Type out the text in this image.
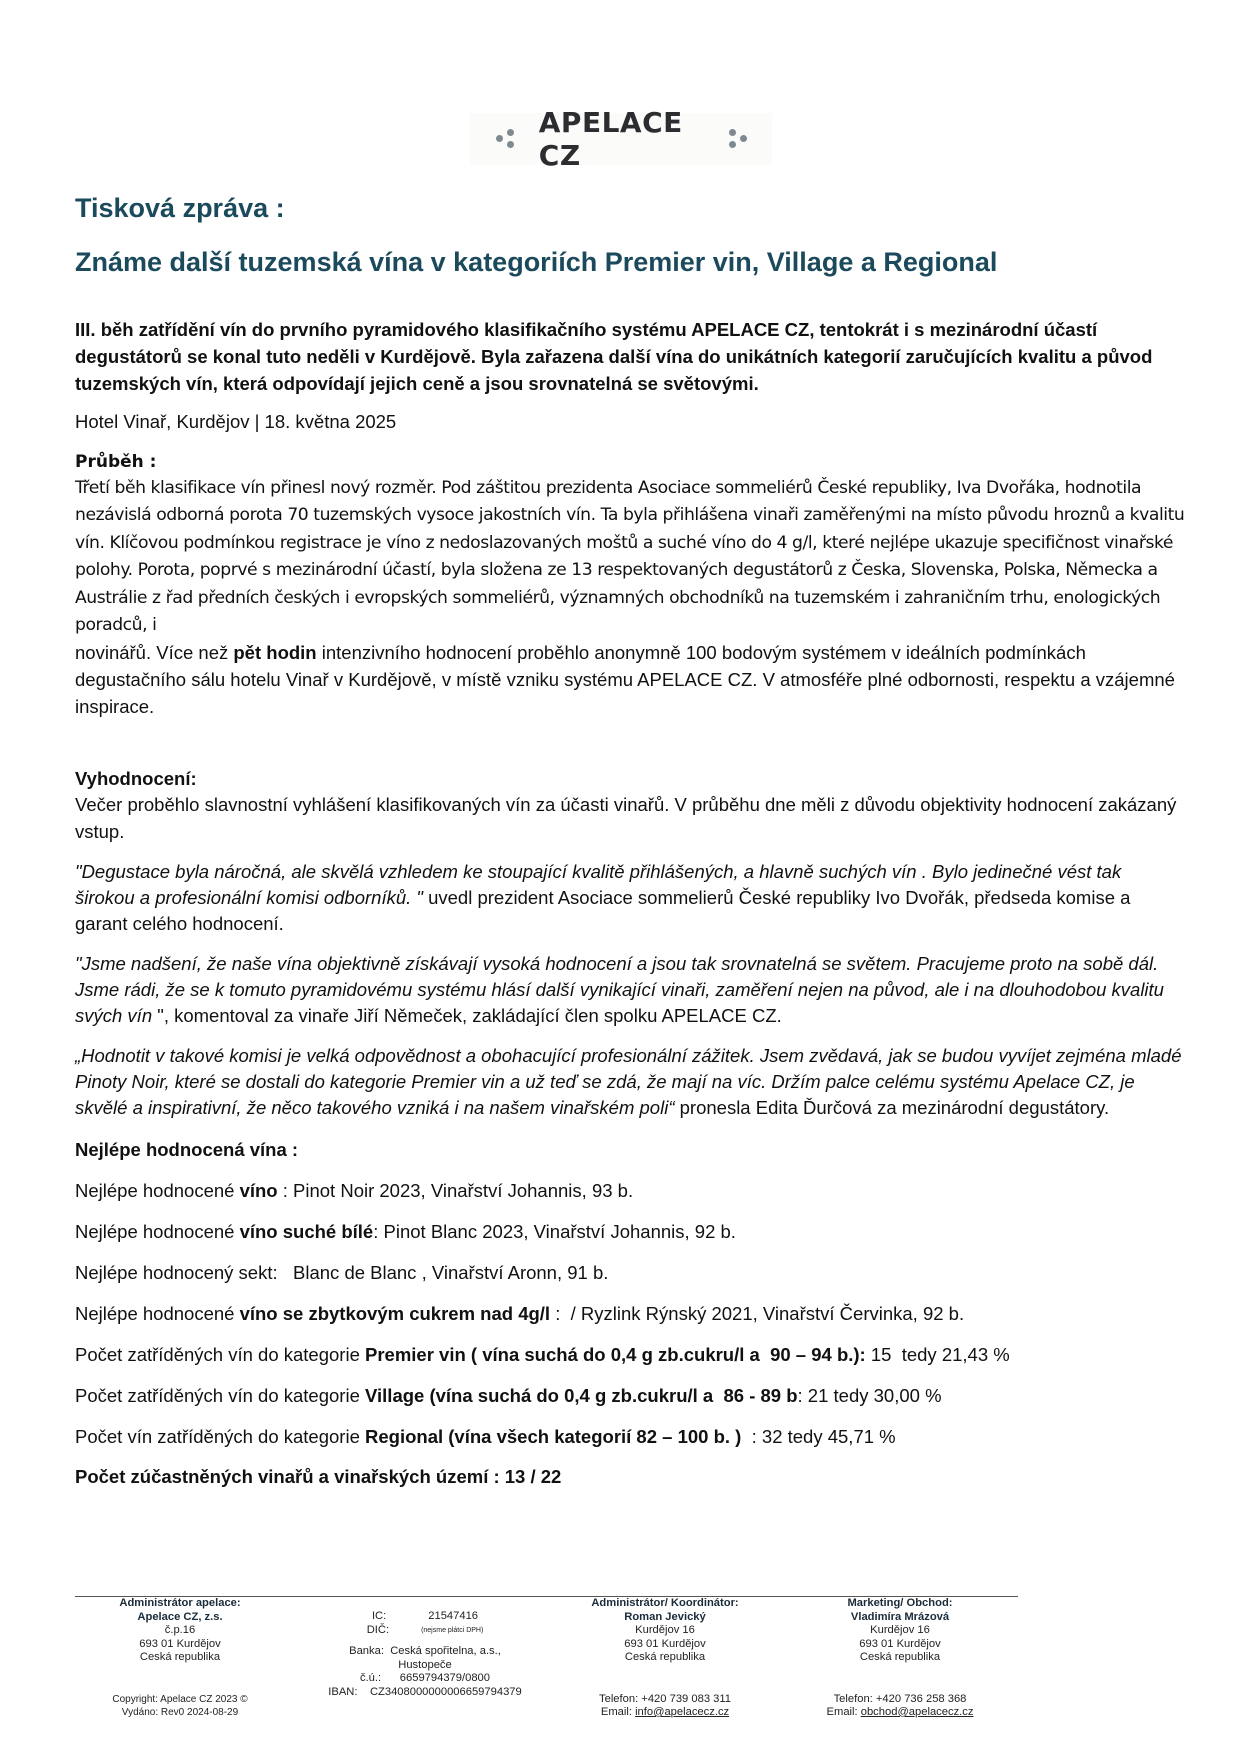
APELACE CZ
Tisková zpráva :
Známe další tuzemská vína v kategoriích Premier vin, Village a Regional

III. běh zatřídění vín do prvního pyramidového klasifikačního systému APELACE CZ, tentokrát i s mezinárodní účastí degustátorů se konal tuto neděli v Kurdějově. Byla zařazena další vína do unikátních kategorií zaručujících kvalitu a původ tuzemských vín, která odpovídají jejich ceně a jsou srovnatelná se světovými.

Hotel Vinař, Kurdějov | 18. května 2025

Průběh :

Třetí běh klasifikace vín přinesl nový rozměr. Pod záštitou prezidenta Asociace sommeliérů České republiky, Iva Dvořáka, hodnotila nezávislá odborná porota 70 tuzemských vysoce jakostních vín. Ta byla přihlášena vinaři zaměřenými na místo původu hroznů a kvalitu vín. Klíčovou podmínkou registrace je víno z nedoslazovaných moštů a suché víno do 4 g/l, které nejlépe ukazuje specifičnost vinařské polohy. Porota, poprvé s mezinárodní účastí, byla složena ze 13 respektovaných degustátorů z Česka, Slovenska, Polska, Německa a Austrálie z řad předních českých i evropských sommeliérů, významných obchodníků na tuzemském i zahraničním trhu, enologických poradců, i

novinářů. Více než pět hodin intenzivního hodnocení proběhlo anonymně 100 bodovým systémem v ideálních podmínkách degustačního sálu hotelu Vinař v Kurdějově, v místě vzniku systému APELACE CZ. V atmosféře plné odbornosti, respektu a vzájemné inspirace.

Vyhodnocení:

Večer proběhlo slavnostní vyhlášení klasifikovaných vín za účasti vinařů. V průběhu dne měli z důvodu objektivity hodnocení zakázaný vstup.

"Degustace byla náročná, ale skvělá vzhledem ke stoupající kvalitě přihlášených, a hlavně suchých vín . Bylo jedinečné vést tak širokou a profesionální komisi odborníků. " uvedl prezident Asociace sommelierů České republiky Ivo Dvořák, předseda komise a garant celého hodnocení.

"Jsme nadšení, že naše vína objektivně získávají vysoká hodnocení a jsou tak srovnatelná se světem. Pracujeme proto na sobě dál. Jsme rádi, že se k tomuto pyramidovému systému hlásí další vynikající vinaři, zaměření nejen na původ, ale i na dlouhodobou kvalitu svých vín ", komentoval za vinaře Jiří Němeček, zakládající člen spolku APELACE CZ.

„Hodnotit v takové komisi je velká odpovědnost a obohacující profesionální zážitek. Jsem zvědavá, jak se budou vyvíjet zejména mladé Pinoty Noir, které se dostali do kategorie Premier vin a už teď se zdá, že mají na víc. Držím palce celému systému Apelace CZ, je skvělé a inspirativní, že něco takového vzniká i na našem vinařském poli“ pronesla Edita Ďurčová za mezinárodní degustátory.

Nejlépe hodnocená vína :
Nejlépe hodnocené víno : Pinot Noir 2023, Vinařství Johannis, 93 b.
Nejlépe hodnocené víno suché bílé: Pinot Blanc 2023, Vinařství Johannis, 92 b.
Nejlépe hodnocený sekt:   Blanc de Blanc , Vinařství Aronn, 91 b.
Nejlépe hodnocené víno se zbytkovým cukrem nad 4g/l :  / Ryzlink Rýnský 2021, Vinařství Červinka, 92 b.
Počet zatříděných vín do kategorie Premier vin ( vína suchá do 0,4 g zb.cukru/l a  90 – 94 b.): 15  tedy 21,43 %
Počet zatříděných vín do kategorie Village (vína suchá do 0,4 g zb.cukru/l a  86 - 89 b: 21 tedy 30,00 %
Počet vín zatříděných do kategorie Regional (vína všech kategorií 82 – 100 b. )  : 32 tedy 45,71 %
Počet zúčastněných vinařů a vinařských území : 13 / 22
Administrátor apelace:
Apelace CZ, z.s.
č.p.16
693 01 Kurdějov
Ceská republika
Copyright: Apelace CZ 2023 ©
Vydáno: Rev0 2024-08-29
IC:	21547416
DIČ:	(nejsme plátci DPH)
Banka: Ceská spořitelna, a.s.,
Hustopeče
č.ú.: 6659794379/0800
IBAN: CZ3408000000006659794379
Administrátor/ Koordinátor:
Roman Jevický
Kurdějov 16
693 01 Kurdějov
Ceská republika
Telefon: +420 739 083 311
Email: info@apelacecz.cz
Marketing/ Obchod:
Vladimíra Mrázová
Kurdějov 16
693 01 Kurdějov
Ceská republika
Telefon: +420 736 258 368
Email: obchod@apelacecz.cz
